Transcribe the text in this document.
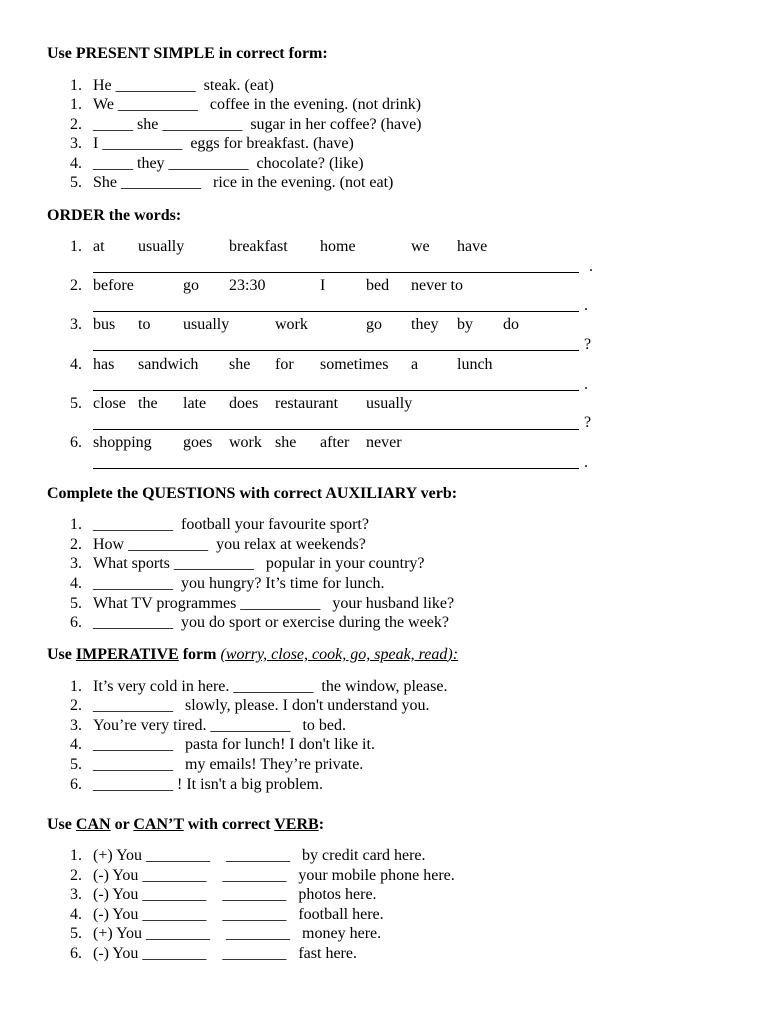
Use PRESENT SIMPLE in correct form:
1. He __________  steak. (eat)
1. We __________   coffee in the evening. (not drink)
2. _____ she __________  sugar in her coffee? (have)
3. I __________  eggs for breakfast. (have)
4. _____ they __________  chocolate? (like)
5. She __________   rice in the evening. (not eat)
ORDER the words:
1. at usually	breakfast home	we have
.
2. before	go 23:30	I	bed never to
.
3. bus to usually	work	go they by do
?
4. has sandwich she for sometimes a lunch
.
5. close the late does restaurant usually
?
6. shopping goes work she after never
.
Complete the QUESTIONS with correct AUXILIARY verb:
1. __________  football your favourite sport?
2. How __________  you relax at weekends?
3. What sports __________   popular in your country?
4. __________  you hungry? It’s time for lunch.
5. What TV programmes __________   your husband like?
6. __________  you do sport or exercise during the week?
Use IMPERATIVE form (worry, close, cook, go, speak, read):
1. It’s very cold in here. __________  the window, please.
2. __________   slowly, please. I don't understand you.
3. You’re very tired. __________   to bed.
4. __________   pasta for lunch! I don't like it.
5. __________   my emails! They’re private.
6. __________ ! It isn't a big problem.
Use CAN or CAN’T with correct VERB:
1. (+) You ________    ________   by credit card here.
2. (-) You ________    ________   your mobile phone here.
3. (-) You ________    ________   photos here.
4. (-) You ________    ________   football here.
5. (+) You ________    ________   money here.
6. (-) You ________    ________   fast here.
